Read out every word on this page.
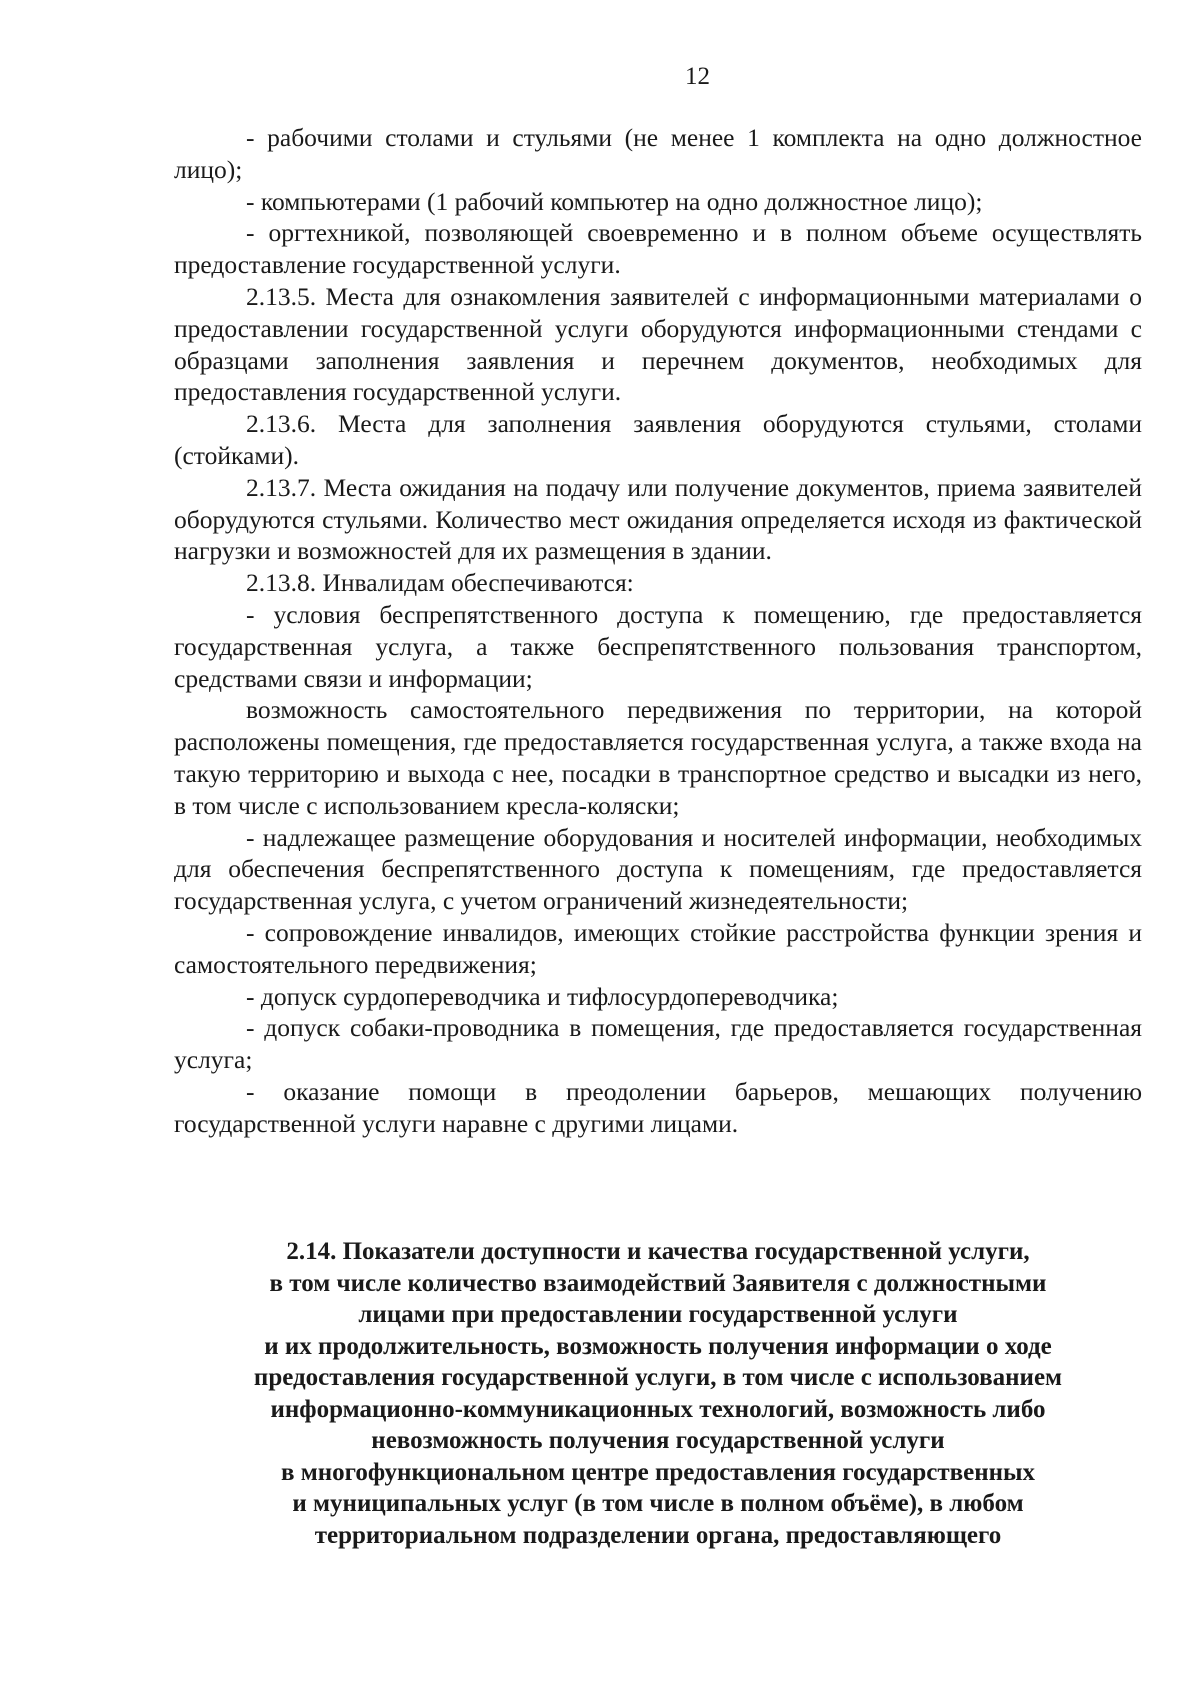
12

- рабочими столами и стульями (не менее 1 комплекта на одно должностное лицо);

- компьютерами (1 рабочий компьютер на одно должностное лицо);

- оргтехникой, позволяющей своевременно и в полном объеме осуществлять предоставление государственной услуги.

2.13.5. Места для ознакомления заявителей с информационными материалами о предоставлении государственной услуги оборудуются информационными стендами с образцами заполнения заявления и перечнем документов, необходимых для предоставления государственной услуги.

2.13.6. Места для заполнения заявления оборудуются стульями, столами (стойками).

2.13.7. Места ожидания на подачу или получение документов, приема заявителей оборудуются стульями. Количество мест ожидания определяется исходя из фактической нагрузки и возможностей для их размещения в здании.

2.13.8. Инвалидам обеспечиваются:

- условия беспрепятственного доступа к помещению, где предоставляется государственная услуга, а также беспрепятственного пользования транспортом, средствами связи и информации;

возможность самостоятельного передвижения по территории, на которой расположены помещения, где предоставляется государственная услуга, а также входа на такую территорию и выхода с нее, посадки в транспортное средство и высадки из него, в том числе с использованием кресла-коляски;

- надлежащее размещение оборудования и носителей информации, необходимых для обеспечения беспрепятственного доступа к помещениям, где предоставляется государственная услуга, с учетом ограничений жизнедеятельности;

- сопровождение инвалидов, имеющих стойкие расстройства функции зрения и самостоятельного передвижения;

- допуск сурдопереводчика и тифлосурдопереводчика;

- допуск собаки-проводника в помещения, где предоставляется государственная услуга;

- оказание помощи в преодолении барьеров, мешающих получению государственной услуги наравне с другими лицами.

2.14. Показатели доступности и качества государственной услуги,
в том числе количество взаимодействий Заявителя с должностными
лицами при предоставлении государственной услуги
и их продолжительность, возможность получения информации о ходе
предоставления государственной услуги, в том числе с использованием
информационно-коммуникационных технологий, возможность либо
невозможность получения государственной услуги
в многофункциональном центре предоставления государственных
и муниципальных услуг (в том числе в полном объёме), в любом
территориальном подразделении органа, предоставляющего
